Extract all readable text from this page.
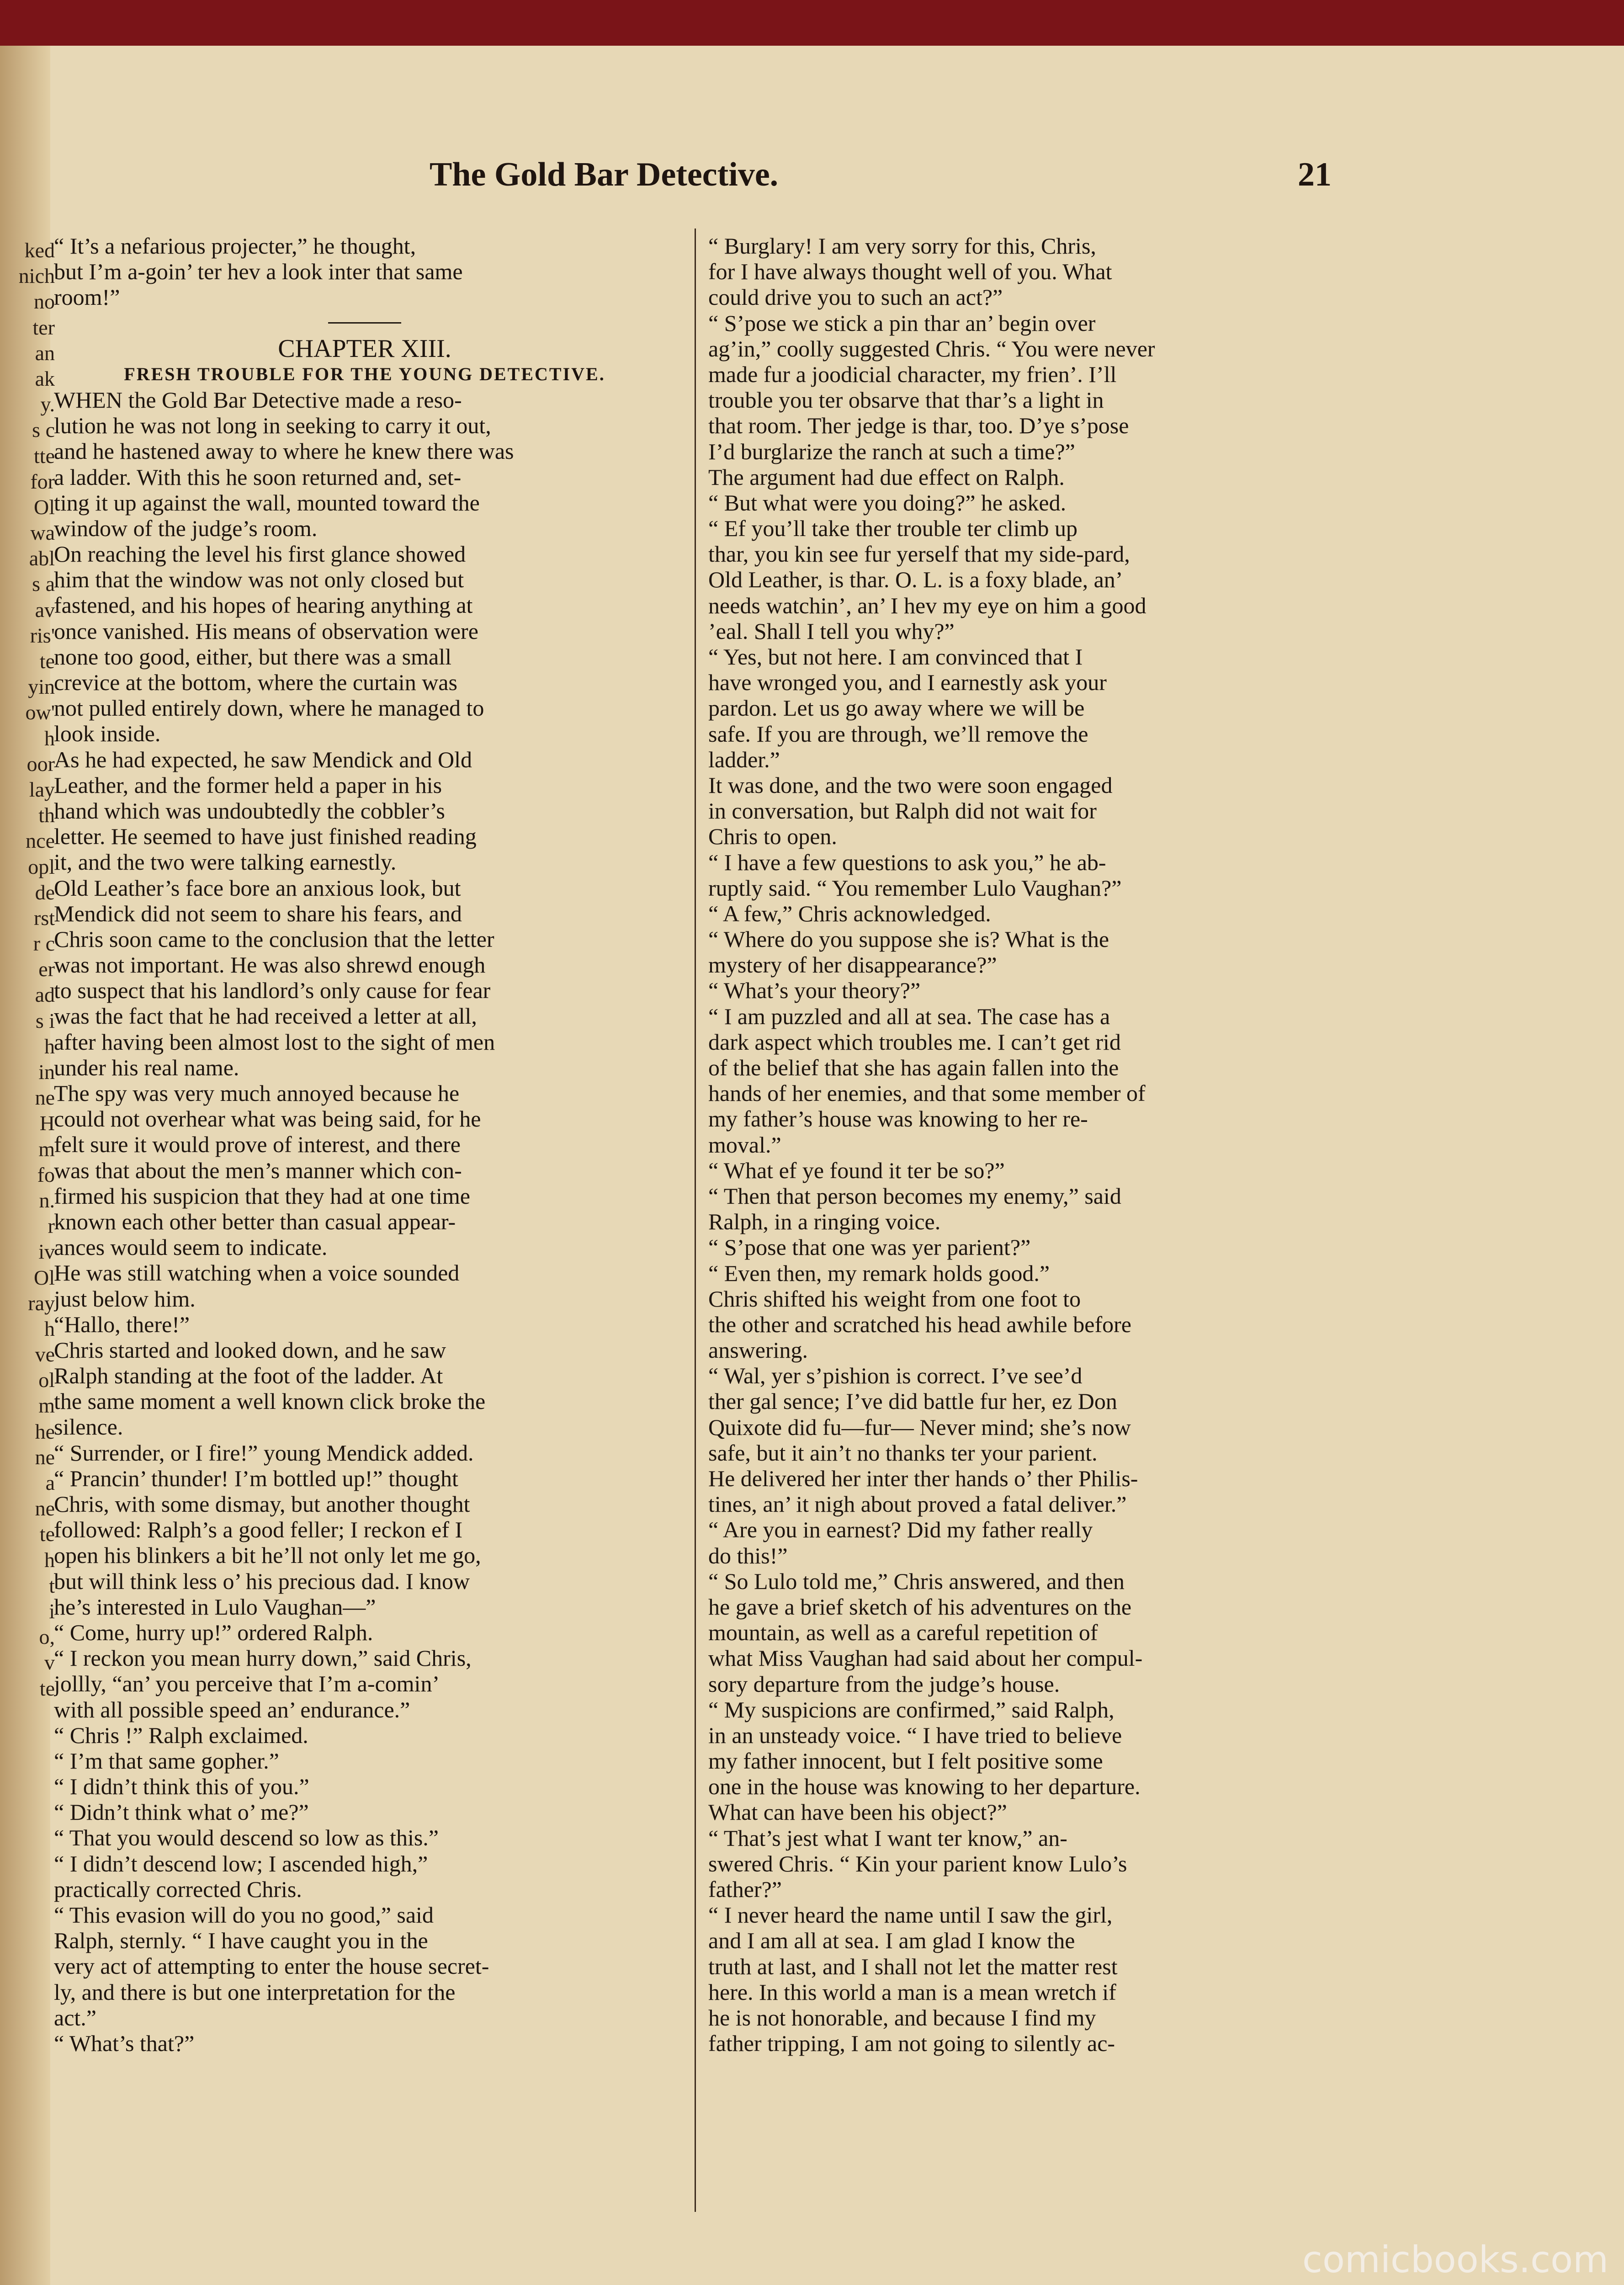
ked
nich
no
ter
an
ak
y.
s c
tte
for
Ol
wa
abl
s a
av
ris'
te
yin
ow'
h
oor
lay
th
nce
opl
de
rst
r c
er
ad
s i
h
in
ne
H
m
fo
n.
r
iv
Ol
ray
h
ve
ol
m
he
ne
a
ne
te
h
t
i
o,
v
te
The Gold Bar Detective.	21
“ It’s a nefarious projecter,” he thought,
but I’m a-goin’ ter hev a look inter that same
room!”
CHAPTER XIII.
FRESH TROUBLE FOR THE YOUNG DETECTIVE.
WHEN the Gold Bar Detective made a reso-
lution he was not long in seeking to carry it out,
and he hastened away to where he knew there was
a ladder. With this he soon returned and, set-
ting it up against the wall, mounted toward the
window of the judge’s room.
On reaching the level his first glance showed
him that the window was not only closed but
fastened, and his hopes of hearing anything at
once vanished. His means of observation were
none too good, either, but there was a small
crevice at the bottom, where the curtain was
not pulled entirely down, where he managed to
look inside.
As he had expected, he saw Mendick and Old
Leather, and the former held a paper in his
hand which was undoubtedly the cobbler’s
letter. He seemed to have just finished reading
it, and the two were talking earnestly.
Old Leather’s face bore an anxious look, but
Mendick did not seem to share his fears, and
Chris soon came to the conclusion that the letter
was not important. He was also shrewd enough
to suspect that his landlord’s only cause for fear
was the fact that he had received a letter at all,
after having been almost lost to the sight of men
under his real name.
The spy was very much annoyed because he
could not overhear what was being said, for he
felt sure it would prove of interest, and there
was that about the men’s manner which con-
firmed his suspicion that they had at one time
known each other better than casual appear-
ances would seem to indicate.
He was still watching when a voice sounded
just below him.
“Hallo, there!”
Chris started and looked down, and he saw
Ralph standing at the foot of the ladder. At
the same moment a well known click broke the
silence.
“ Surrender, or I fire!” young Mendick added.
“ Prancin’ thunder! I’m bottled up!” thought
Chris, with some dismay, but another thought
followed: Ralph’s a good feller; I reckon ef I
open his blinkers a bit he’ll not only let me go,
but will think less o’ his precious dad. I know
he’s interested in Lulo Vaughan—”
“ Come, hurry up!” ordered Ralph.
“ I reckon you mean hurry down,” said Chris,
jollly, “an’ you perceive that I’m a-comin’
with all possible speed an’ endurance.”
“ Chris !” Ralph exclaimed.
“ I’m that same gopher.”
“ I didn’t think this of you.”
“ Didn’t think what o’ me?”
“ That you would descend so low as this.”
“ I didn’t descend low; I ascended high,”
practically corrected Chris.
“ This evasion will do you no good,” said
Ralph, sternly. “ I have caught you in the
very act of attempting to enter the house secret-
ly, and there is but one interpretation for the
act.”
“ What’s that?”
“ Burglary! I am very sorry for this, Chris,
for I have always thought well of you. What
could drive you to such an act?”
“ S’pose we stick a pin thar an’ begin over
ag’in,” coolly suggested Chris. “ You were never
made fur a joodicial character, my frien’. I’ll
trouble you ter obsarve that thar’s a light in
that room. Ther jedge is thar, too. D’ye s’pose
I’d burglarize the ranch at such a time?”
The argument had due effect on Ralph.
“ But what were you doing?” he asked.
“ Ef you’ll take ther trouble ter climb up
thar, you kin see fur yerself that my side-pard,
Old Leather, is thar. O. L. is a foxy blade, an’
needs watchin’, an’ I hev my eye on him a good
’eal. Shall I tell you why?”
“ Yes, but not here. I am convinced that I
have wronged you, and I earnestly ask your
pardon. Let us go away where we will be
safe. If you are through, we’ll remove the
ladder.”
It was done, and the two were soon engaged
in conversation, but Ralph did not wait for
Chris to open.
“ I have a few questions to ask you,” he ab-
ruptly said. “ You remember Lulo Vaughan?”
“ A few,” Chris acknowledged.
“ Where do you suppose she is? What is the
mystery of her disappearance?”
“ What’s your theory?”
“ I am puzzled and all at sea. The case has a
dark aspect which troubles me. I can’t get rid
of the belief that she has again fallen into the
hands of her enemies, and that some member of
my father’s house was knowing to her re-
moval.”
“ What ef ye found it ter be so?”
“ Then that person becomes my enemy,” said
Ralph, in a ringing voice.
“ S’pose that one was yer parient?”
“ Even then, my remark holds good.”
Chris shifted his weight from one foot to
the other and scratched his head awhile before
answering.
“ Wal, yer s’pishion is correct. I’ve see’d
ther gal sence; I’ve did battle fur her, ez Don
Quixote did fu—fur— Never mind; she’s now
safe, but it ain’t no thanks ter your parient.
He delivered her inter ther hands o’ ther Philis-
tines, an’ it nigh about proved a fatal deliver.”
“ Are you in earnest? Did my father really
do this!”
“ So Lulo told me,” Chris answered, and then
he gave a brief sketch of his adventures on the
mountain, as well as a careful repetition of
what Miss Vaughan had said about her compul-
sory departure from the judge’s house.
“ My suspicions are confirmed,” said Ralph,
in an unsteady voice. “ I have tried to believe
my father innocent, but I felt positive some
one in the house was knowing to her departure.
What can have been his object?”
“ That’s jest what I want ter know,” an-
swered Chris. “ Kin your parient know Lulo’s
father?”
“ I never heard the name until I saw the girl,
and I am all at sea. I am glad I know the
truth at last, and I shall not let the matter rest
here. In this world a man is a mean wretch if
he is not honorable, and because I find my
father tripping, I am not going to silently ac-
comicbooks.com
